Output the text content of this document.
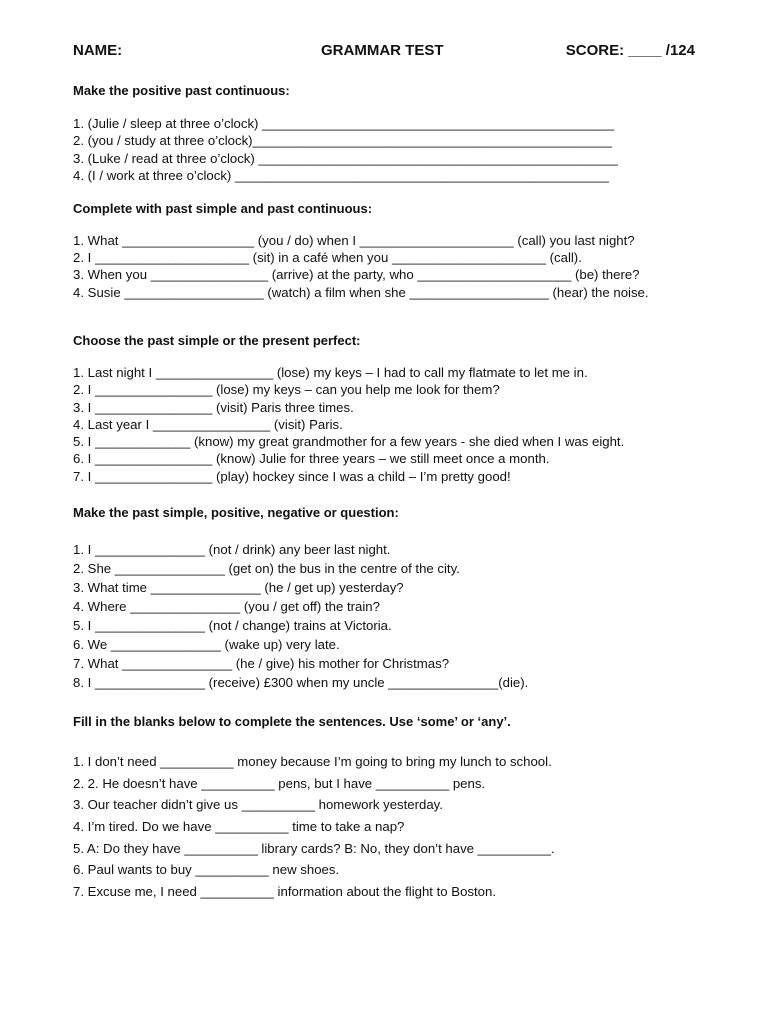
NAME:	GRAMMAR TEST	SCORE: ____ /124
Make the positive past continuous:
1. (Julie / sleep at three o’clock) ________________________________________________
2. (you / study at three o’clock)_________________________________________________
3. (Luke / read at three o’clock) _________________________________________________
4. (I / work at three o’clock) ___________________________________________________
Complete with past simple and past continuous:
1. What __________________ (you / do) when I _____________________ (call) you last night?
2. I _____________________ (sit) in a café when you _____________________ (call).
3. When you ________________ (arrive) at the party, who _____________________ (be) there?
4. Susie ___________________ (watch) a film when she ___________________ (hear) the noise.
Choose the past simple or the present perfect:
1. Last night I ________________ (lose) my keys – I had to call my flatmate to let me in.
2. I ________________ (lose) my keys – can you help me look for them?
3. I ________________ (visit) Paris three times.
4. Last year I ________________ (visit) Paris.
5. I _____________ (know) my great grandmother for a few years - she died when I was eight.
6. I ________________ (know) Julie for three years – we still meet once a month.
7. I ________________ (play) hockey since I was a child – I’m pretty good!
Make the past simple, positive, negative or question:
1. I _______________ (not / drink) any beer last night.
2. She _______________ (get on) the bus in the centre of the city.
3. What time _______________ (he / get up) yesterday?
4. Where _______________ (you / get off) the train?
5. I _______________ (not / change) trains at Victoria.
6. We _______________ (wake up) very late.
7. What _______________ (he / give) his mother for Christmas?
8. I _______________ (receive) £300 when my uncle _______________(die).
Fill in the blanks below to complete the sentences. Use ‘some’ or ‘any’.
1. I don’t need __________ money because I’m going to bring my lunch to school.
2. 2. He doesn’t have __________ pens, but I have __________ pens.
3. Our teacher didn’t give us __________ homework yesterday.
4. I’m tired. Do we have __________ time to take a nap?
5. A: Do they have __________ library cards? B: No, they don’t have __________.
6. Paul wants to buy __________ new shoes.
7. Excuse me, I need __________ information about the flight to Boston.
